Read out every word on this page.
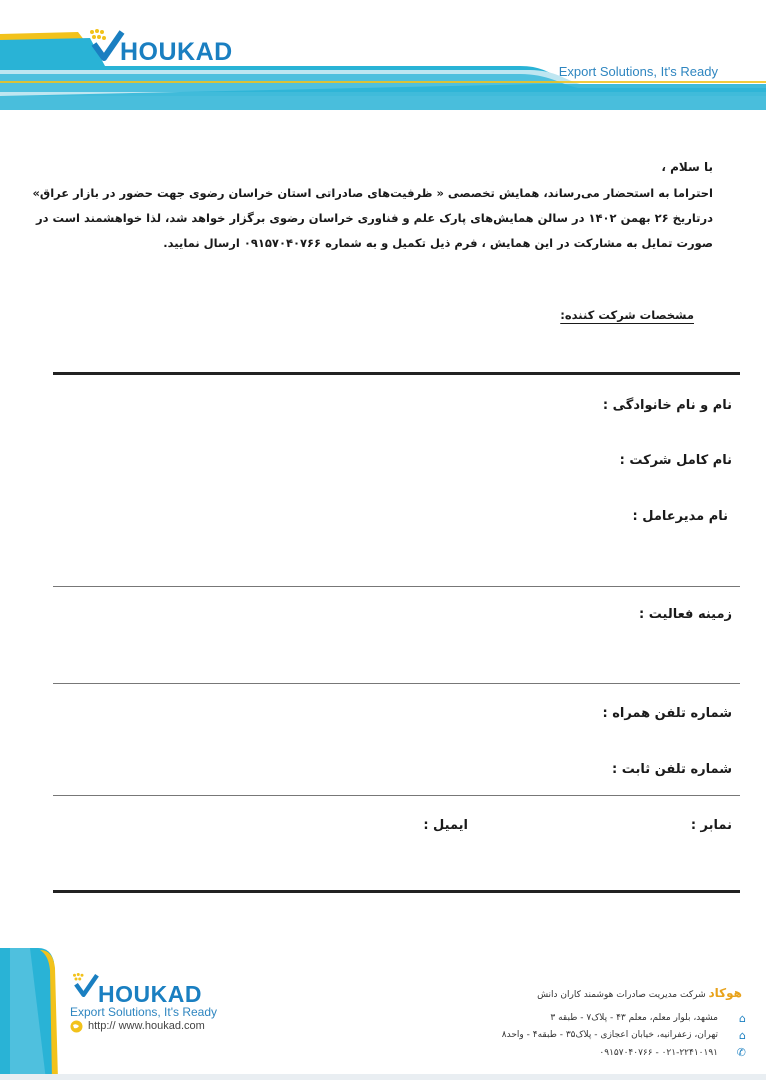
HOUKAD
Export Solutions, It's Ready
با سلام ،
احتراما به استحضار می‌رساند، همایش تخصصی « ظرفیت‌های صادراتی استان خراسان رضوی جهت حضور در بازار عراق»
درتاریخ ۲۶ بهمن ۱۴۰۲ در سالن همایش‌های پارک علم و فناوری خراسان رضوی برگزار خواهد شد، لذا خواهشمند است در
صورت تمایل به مشارکت در این همایش ، فرم ذیل تکمیل و به شماره ۰۹۱۵۷۰۴۰۷۶۶ ارسال نمایید.
مشخصات شرکت کننده:
نام و نام خانوادگی :
نام کامل شرکت :
نام مدیرعامل :
زمینه فعالیت :
شماره تلفن همراه :
شماره تلفن ثابت :
نمابر :
ایمیل :
HOUKAD
Export Solutions, It's Ready
http:// www.houkad.com
هوکاد شرکت مدیریت صادرات هوشمند کاران دانش
⌂
مشهد، بلوار معلم، معلم ۴۳ - پلاک۷ - طبقه ۳
⌂
تهران، زعفرانیه، خیابان اعجازی - پلاک۳۵ - طبقه۴ - واحد۸
✆
۰۲۱-۲۲۴۱۰۱۹۱ - ۰۹۱۵۷۰۴۰۷۶۶
